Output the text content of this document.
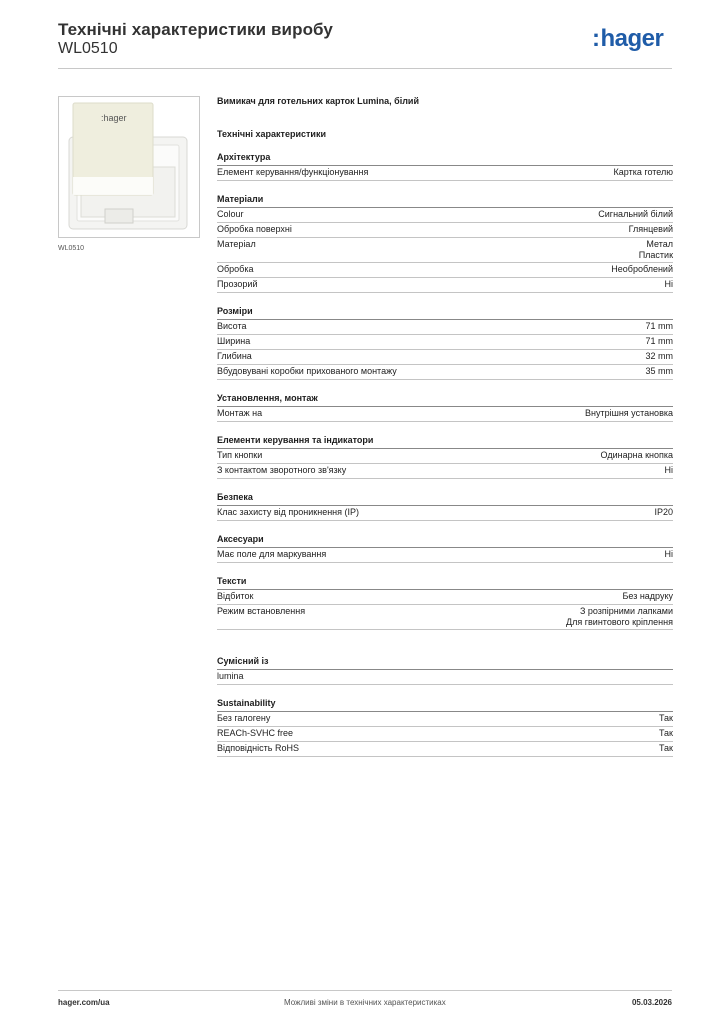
Технічні характеристики виробу
WL0510	:hager
:hager
WL0510
Вимикач для готельних карток Lumina, білий
Технічні характеристики
Архітектура
Елемент керування/функціонування	Картка готелю
Матеріали
Colour	Сигнальний білий
Обробка поверхні	Глянцевий
Матеріал	Метал
Пластик
Обробка	Необроблений
Прозорий	Ні
Розміри
Висота	71 mm
Ширина	71 mm
Глибина	32 mm
Вбудовувані коробки прихованого монтажу	35 mm
Установлення, монтаж
Монтаж на	Внутрішня установка
Елементи керування та індикатори
Тип кнопки	Одинарна кнопка
З контактом зворотного зв'язку	Ні
Безпека
Клас захисту від проникнення (IP)	IP20
Аксесуари
Має поле для маркування	Ні
Тексти
Відбиток	Без надруку
Режим встановлення	З розпірними лапками
Для гвинтового кріплення
Сумісний із
lumina
Sustainability
Без галогену	Так
REACh-SVHC free	Так
Відповідність RoHS	Так
hager.com/ua	Можливі зміни в технічних характеристиках	05.03.2026
